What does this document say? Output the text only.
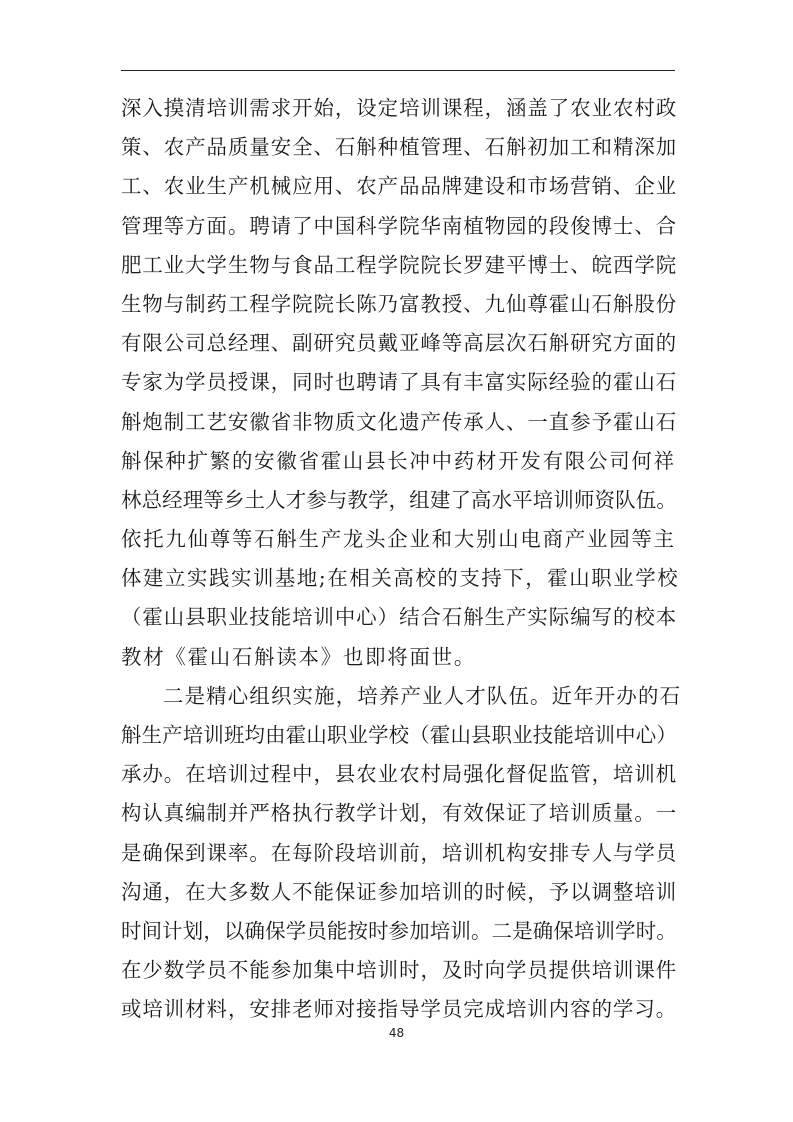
深入摸清培训需求开始，设定培训课程，涵盖了农业农村政
策、农产品质量安全、石斛种植管理、石斛初加工和精深加
工、农业生产机械应用、农产品品牌建设和市场营销、企业
管理等方面。聘请了中国科学院华南植物园的段俊博士、合
肥工业大学生物与食品工程学院院长罗建平博士、皖西学院
生物与制药工程学院院长陈乃富教授、九仙尊霍山石斛股份
有限公司总经理、副研究员戴亚峰等高层次石斛研究方面的
专家为学员授课，同时也聘请了具有丰富实际经验的霍山石
斛炮制工艺安徽省非物质文化遗产传承人、一直参予霍山石
斛保种扩繁的安徽省霍山县长冲中药材开发有限公司何祥
林总经理等乡土人才参与教学，组建了高水平培训师资队伍。
依托九仙尊等石斛生产龙头企业和大别山电商产业园等主
体建立实践实训基地;在相关高校的支持下，霍山职业学校
（霍山县职业技能培训中心）结合石斛生产实际编写的校本
教材《霍山石斛读本》也即将面世。
二是精心组织实施，培养产业人才队伍。近年开办的石
斛生产培训班均由霍山职业学校（霍山县职业技能培训中心）
承办。在培训过程中，县农业农村局强化督促监管，培训机
构认真编制并严格执行教学计划，有效保证了培训质量。一
是确保到课率。在每阶段培训前，培训机构安排专人与学员
沟通，在大多数人不能保证参加培训的时候，予以调整培训
时间计划，以确保学员能按时参加培训。二是确保培训学时。
在少数学员不能参加集中培训时，及时向学员提供培训课件
或培训材料，安排老师对接指导学员完成培训内容的学习。
48
